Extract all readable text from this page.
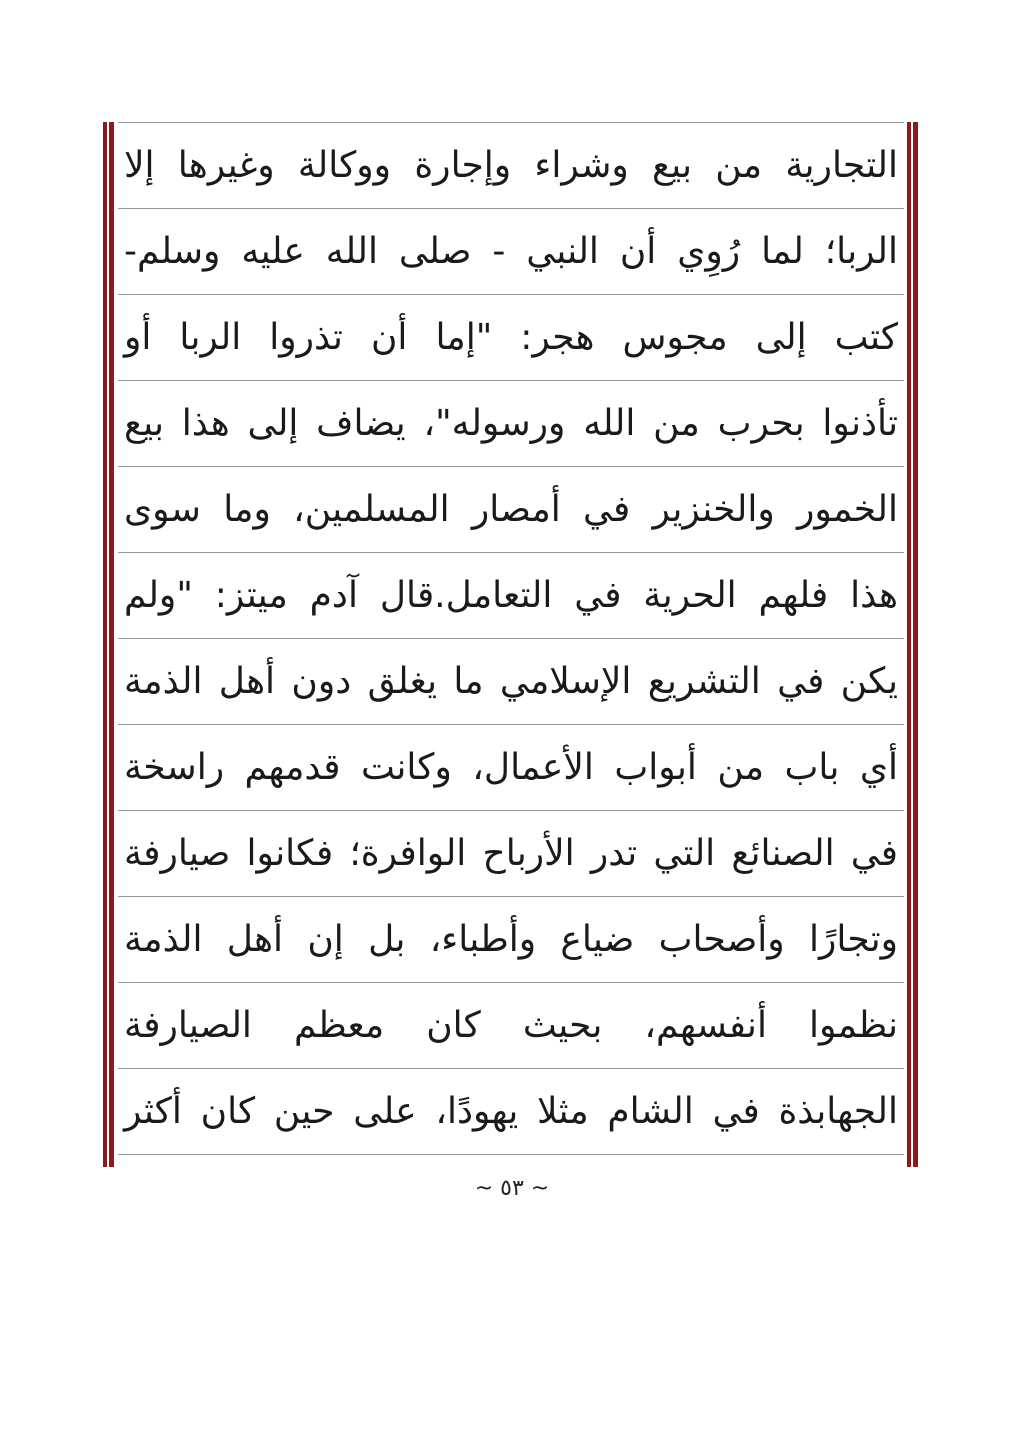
التجارية من بيع وشراء وإجارة ووكالة وغيرها إلا
الربا؛ لما رُوِي أن النبي - صلى الله عليه وسلم-
كتب إلى مجوس هجر: "إما أن تذروا الربا أو
تأذنوا بحرب من الله ورسوله"، يضاف إلى هذا بيع
الخمور والخنزير في أمصار المسلمين، وما سوى
هذا فلهم الحرية في التعامل.قال آدم ميتز: "ولم
يكن في التشريع الإسلامي ما يغلق دون أهل الذمة
أي باب من أبواب الأعمال، وكانت قدمهم راسخة
في الصنائع التي تدر الأرباح الوافرة؛ فكانوا صيارفة
وتجارًا وأصحاب ضياع وأطباء، بل إن أهل الذمة
نظموا أنفسهم، بحيث كان معظم الصيارفة
الجهابذة في الشام مثلا يهودًا، على حين كان أكثر
~ ٥٣ ~
